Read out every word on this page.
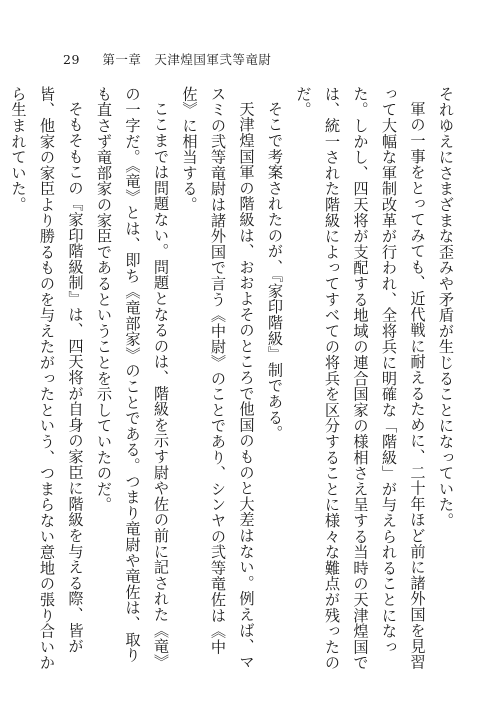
29 第一章　天津煌国軍弐等竜尉

それゆえにさまざまな歪みや矛盾が生じることになっていた。

軍の一事をとってみても、近代戦に耐えるために、二十年ほど前に諸外国を見習って大幅な軍制改革が行われ、全将兵に明確な「階級」が与えられることになった。しかし、四天将が支配する地域の連合国家の様相さえ呈する当時の天津煌国では、統一された階級によってすべての将兵を区分することに様々な難点が残ったのだ。

そこで考案されたのが、『家印階級』制である。

天津煌国軍の階級は、おおよそのところで他国のものと大差はない。例えば、マスミの弐等竜尉は諸外国で言う《中尉》のことであり、シンヤの弐等竜佐は《中佐》に相当する。

ここまでは問題ない。問題となるのは、階級を示す尉や佐の前に記された《竜》の一字だ。《竜》とは、即ち《竜部家》のことである。つまり竜尉や竜佐は、取りも直さず竜部家の家臣であるということを示していたのだ。

そもそもこの『家印階級制』は、四天将が自身の家臣に階級を与える際、皆が皆、他家の家臣より勝るものを与えたがったという、つまらない意地の張り合いから生まれていた。
